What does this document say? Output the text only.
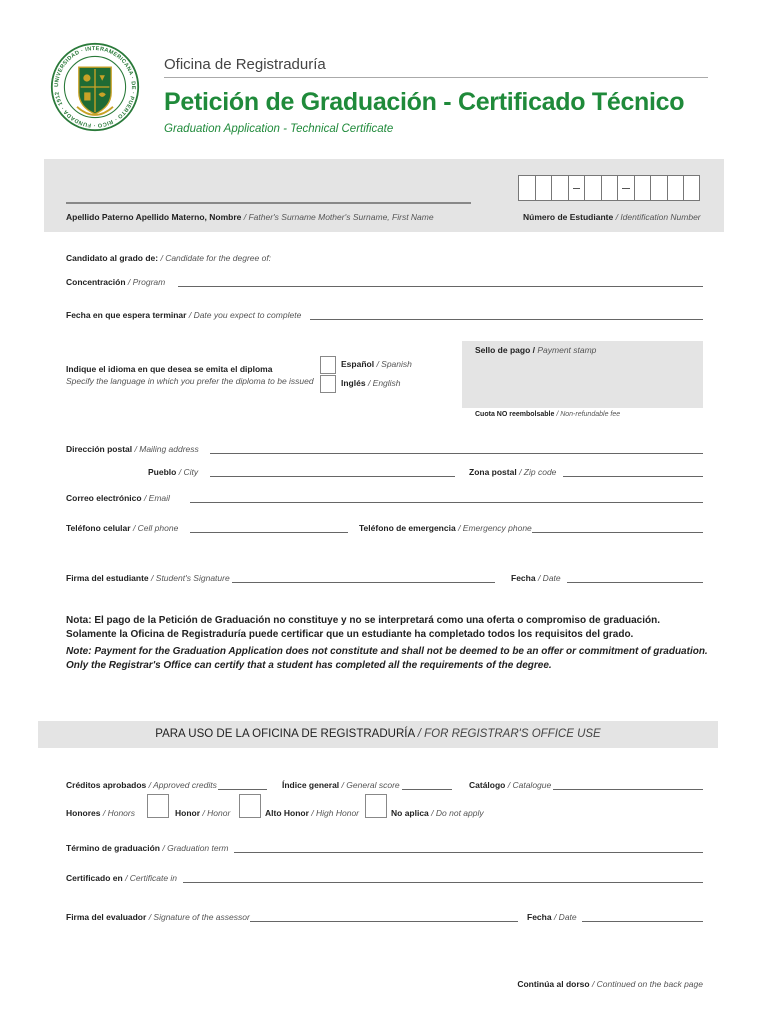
UNIVERSIDAD · INTERAMERICANA · DE · PUERTO · RICO · FUNDADA · 1912
Oficina de Registraduría
Petición de Graduación - Certificado Técnico
Graduation Application - Technical Certificate
Apellido Paterno Apellido Materno, Nombre / Father's Surname Mother's Surname, First Name	Número de Estudiante / Identification Number
Candidato al grado de: / Candidate for the degree of:
Concentración / Program
Fecha en que espera terminar / Date you expect to complete
Indique el idioma en que desea se emita el diploma
Specify the language in which you prefer the diploma to be issued
Español / Spanish
Inglés / English
Sello de pago / Payment stamp
Cuota NO reembolsable / Non-refundable fee
Dirección postal / Mailing address
Pueblo / City	Zona postal / Zip code
Correo electrónico / Email
Teléfono celular / Cell phone	Teléfono de emergencia / Emergency phone
Firma del estudiante / Student's Signature	Fecha / Date
Nota: El pago de la Petición de Graduación no constituye y no se interpretará como una oferta o compromiso de graduación.
Solamente la Oficina de Registraduría puede certificar que un estudiante ha completado todos los requisitos del grado.
Note: Payment for the Graduation Application does not constitute and shall not be deemed to be an offer or commitment of graduation.
Only the Registrar's Office can certify that a student has completed all the requirements of the degree.
PARA USO DE LA OFICINA DE REGISTRADURÍA / FOR REGISTRAR'S OFFICE USE
Créditos aprobados / Approved credits	Índice general / General score	Catálogo / Catalogue
Honores / Honors	Honor / Honor	Alto Honor / High Honor	No aplica / Do not apply
Término de graduación / Graduation term
Certificado en / Certificate in
Firma del evaluador / Signature of the assessor	Fecha / Date
Continúa al dorso / Continued on the back page
